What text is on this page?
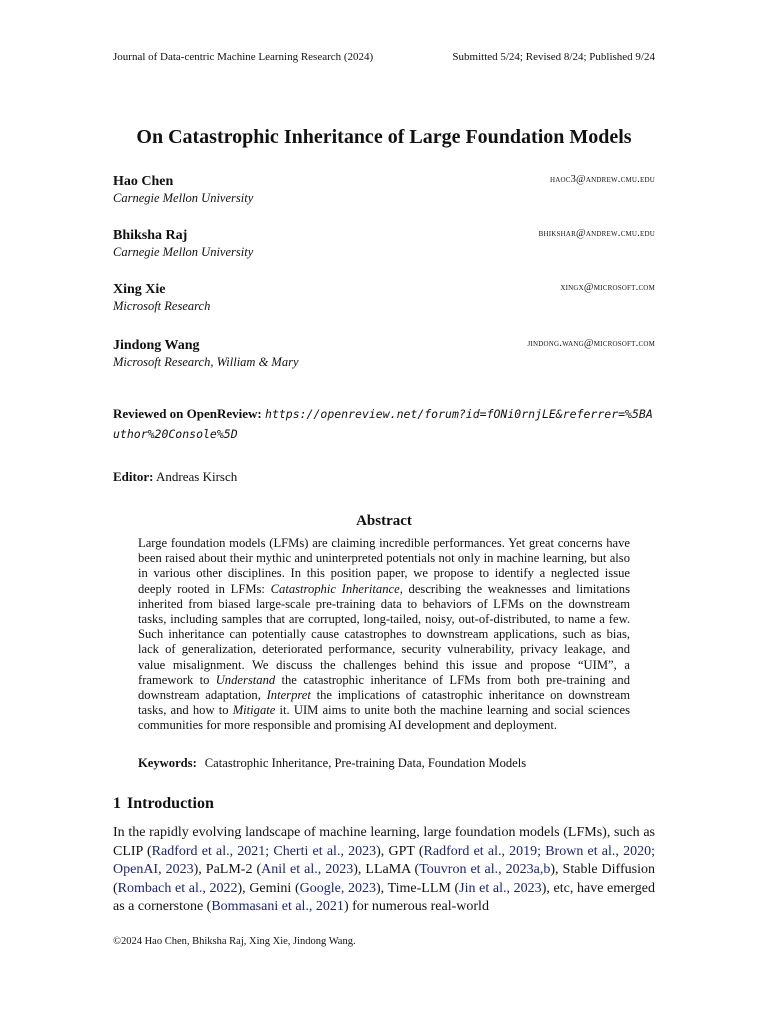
Journal of Data-centric Machine Learning Research (2024)	Submitted 5/24; Revised 8/24; Published 9/24
On Catastrophic Inheritance of Large Foundation Models
Hao Chen	haoc3@andrew.cmu.edu
Carnegie Mellon University
Bhiksha Raj	bhikshar@andrew.cmu.edu
Carnegie Mellon University
Xing Xie	xingx@microsoft.com
Microsoft Research
Jindong Wang	jindong.wang@microsoft.com
Microsoft Research, William & Mary
Reviewed on OpenReview: https://openreview.net/forum?id=fONi0rnjLE&referrer=%5BAuthor%20Console%5D
Editor: Andreas Kirsch
Abstract
Large foundation models (LFMs) are claiming incredible performances. Yet great concerns have been raised about their mythic and uninterpreted potentials not only in machine learning, but also in various other disciplines. In this position paper, we propose to identify a neglected issue deeply rooted in LFMs: Catastrophic Inheritance, describing the weaknesses and limitations inherited from biased large-scale pre-training data to behaviors of LFMs on the downstream tasks, including samples that are corrupted, long-tailed, noisy, out-of-distributed, to name a few. Such inheritance can potentially cause catastrophes to downstream applications, such as bias, lack of generalization, deteriorated performance, security vulnerability, privacy leakage, and value misalignment. We discuss the challenges behind this issue and propose “UIM”, a framework to Understand the catastrophic inheritance of LFMs from both pre-training and downstream adaptation, Interpret the implications of catastrophic inheritance on downstream tasks, and how to Mitigate it. UIM aims to unite both the machine learning and social sciences communities for more responsible and promising AI development and deployment.
Keywords: Catastrophic Inheritance, Pre-training Data, Foundation Models
1 Introduction
In the rapidly evolving landscape of machine learning, large foundation models (LFMs), such as CLIP (Radford et al., 2021; Cherti et al., 2023), GPT (Radford et al., 2019; Brown et al., 2020; OpenAI, 2023), PaLM-2 (Anil et al., 2023), LLaMA (Touvron et al., 2023a,b), Stable Diffusion (Rombach et al., 2022), Gemini (Google, 2023), Time-LLM (Jin et al., 2023), etc, have emerged as a cornerstone (Bommasani et al., 2021) for numerous real-world
©2024 Hao Chen, Bhiksha Raj, Xing Xie, Jindong Wang.
